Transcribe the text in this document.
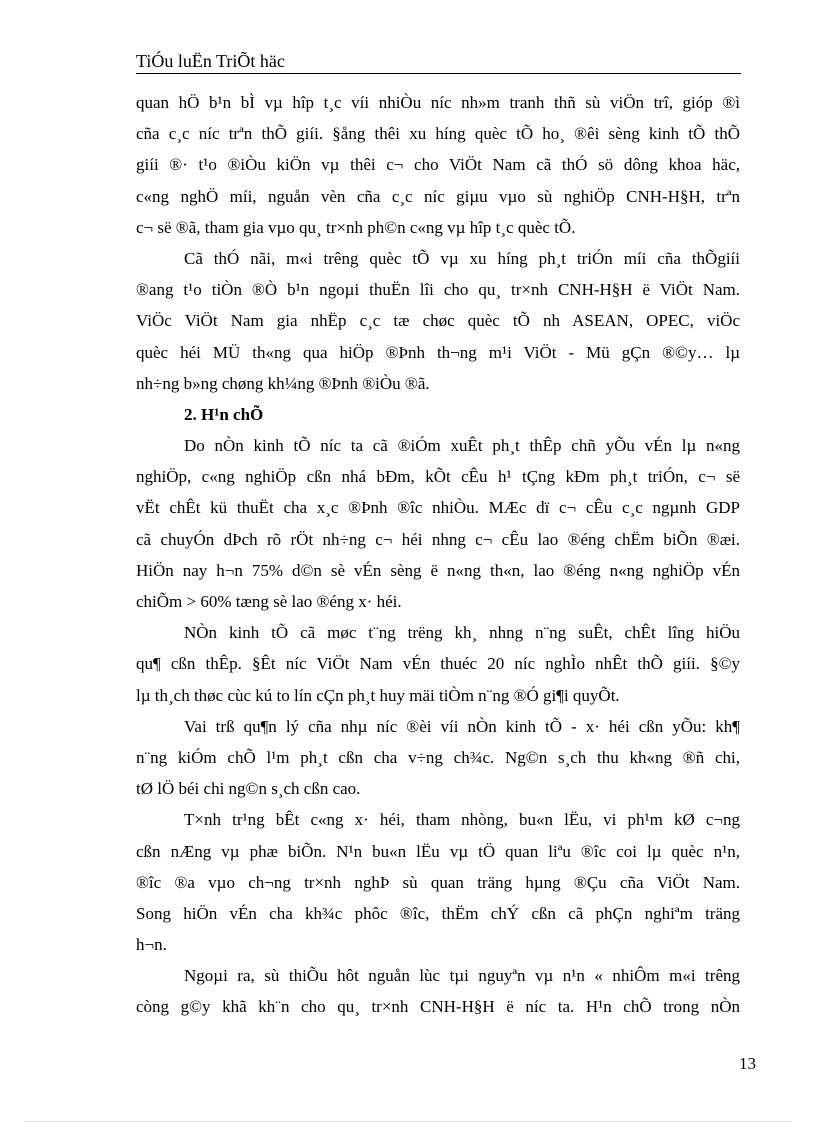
TiÓu luËn TriÕt häc
quan hÖ b¹n bÌ vµ hîp t¸c víi nhiÒu níc nh»m tranh thñ sù viÖn trî, gióp ®ì
cña c¸c níc trªn thÕ giíi. §ång thêi xu híng quèc tÕ ho¸ ®êi sèng kinh tÕ thÕ
giíi ®· t¹o ®iÒu kiÖn vµ thêi c¬ cho ViÖt Nam cã thÓ sö dông khoa häc,
c«ng nghÖ míi, nguån vèn cña c¸c níc giµu vµo sù nghiÖp CNH-H§H, trªn
c¬ së ®ã, tham gia vµo qu¸ tr×nh ph©n c«ng vµ hîp t¸c quèc tÕ.
Cã thÓ nãi, m«i trêng quèc tÕ vµ xu híng ph¸t triÓn míi cña thÕgiíi
®ang t¹o tiÒn ®Ò b¹n ngoµi thuËn lîi cho qu¸ tr×nh CNH-H§H ë ViÖt Nam.
ViÖc ViÖt Nam gia nhËp c¸c tæ chøc quèc tÕ nh ASEAN, OPEC, viÖc
quèc héi MÜ th«ng qua hiÖp ®Þnh th¬ng m¹i ViÖt - Mü gÇn ®©y… lµ
nh÷ng b»ng chøng kh¼ng ®Þnh ®iÒu ®ã.
2. H¹n chÕ
Do nÒn kinh tÕ níc ta cã ®iÓm xuÊt ph¸t thÊp chñ yÕu vÉn lµ n«ng
nghiÖp, c«ng nghiÖp cßn nhá bÐm, kÕt cÊu h¹ tÇng kÐm ph¸t triÓn, c¬ së
vËt chÊt kü thuËt cha x¸c ®Þnh ®îc nhiÒu. MÆc dï c¬ cÊu c¸c ngµnh GDP
cã chuyÓn dÞch rõ rÖt nh÷ng c¬ héi nhng c¬ cÊu lao ®éng chËm biÕn ®æi.
HiÖn nay h¬n 75% d©n sè vÉn sèng ë n«ng th«n, lao ®éng n«ng nghiÖp vÉn
chiÕm > 60% tæng sè lao ®éng x· héi.
NÒn kinh tÕ cã møc t¨ng trëng kh¸ nhng n¨ng suÊt, chÊt lîng hiÖu
qu¶ cßn thÊp. §Êt níc ViÖt Nam vÉn thuéc 20 níc nghÌo nhÊt thÕ giíi. §©y
lµ th¸ch thøc cùc kú to lín cÇn ph¸t huy mäi tiÒm n¨ng ®Ó gi¶i quyÕt.
Vai trß qu¶n lý cña nhµ níc ®èi víi nÒn kinh tÕ - x· héi cßn yÕu: kh¶
n¨ng kiÓm chÕ l¹m ph¸t cßn cha v÷ng ch¾c. Ng©n s¸ch thu kh«ng ®ñ chi,
tØ lÖ béi chi ng©n s¸ch cßn cao.
T×nh tr¹ng bÊt c«ng x· héi, tham nhòng, bu«n lËu, vi ph¹m kØ c¬ng
cßn nÆng vµ phæ biÕn. N¹n bu«n lËu vµ tÖ quan liªu ®îc coi lµ quèc n¹n,
®îc ®a vµo ch¬ng tr×nh nghÞ sù quan träng hµng ®Çu cña ViÖt Nam.
Song hiÖn vÉn cha kh¾c phôc ®îc, thËm chÝ cßn cã phÇn nghiªm träng
h¬n.
Ngoµi ra, sù thiÕu hôt nguån lùc tµi nguyªn vµ n¹n « nhiÔm m«i trêng
còng g©y khã kh¨n cho qu¸ tr×nh CNH-H§H ë níc ta. H¹n chÕ trong nÒn
13
